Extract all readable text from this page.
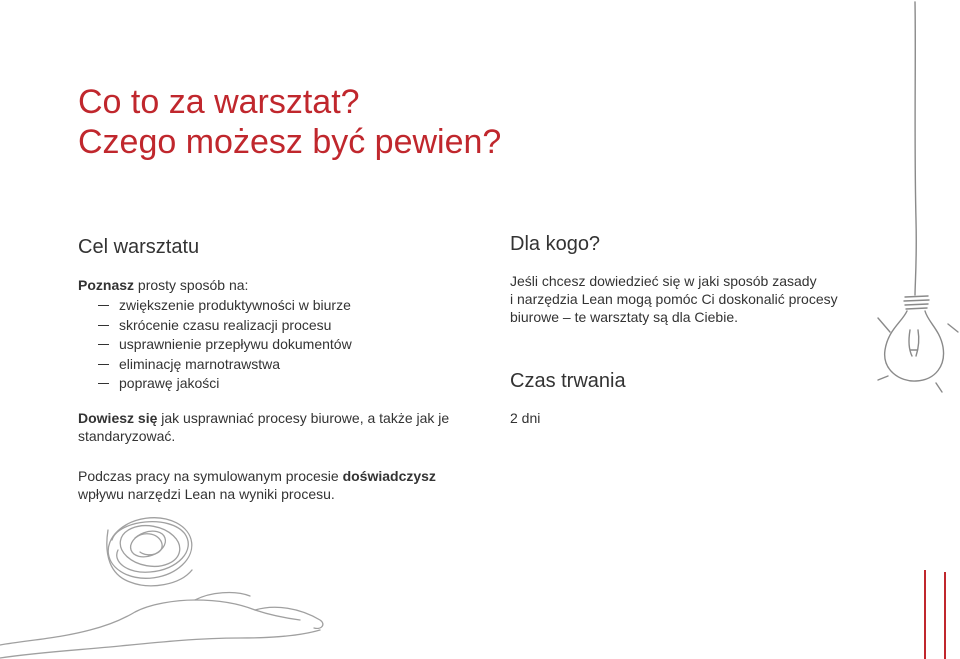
Co to za warsztat?
Czego możesz być pewien?
Cel warsztatu

Poznasz prosty sposób na:

zwiększenie produktywności w biurze
skrócenie czasu realizacji procesu
usprawnienie przepływu dokumentów
eliminację marnotrawstwa
poprawę jakości

Dowiesz się jak usprawniać procesy biurowe, a także jak je standaryzować.

Podczas pracy na symulowanym procesie doświadczysz wpływu narzędzi Lean na wyniki procesu.

Dla kogo?

Jeśli chcesz dowiedzieć się w jaki sposób zasady
i narzędzia Lean mogą pomóc Ci doskonalić procesy
biurowe – te warsztaty są dla Ciebie.

Czas trwania

2 dni
